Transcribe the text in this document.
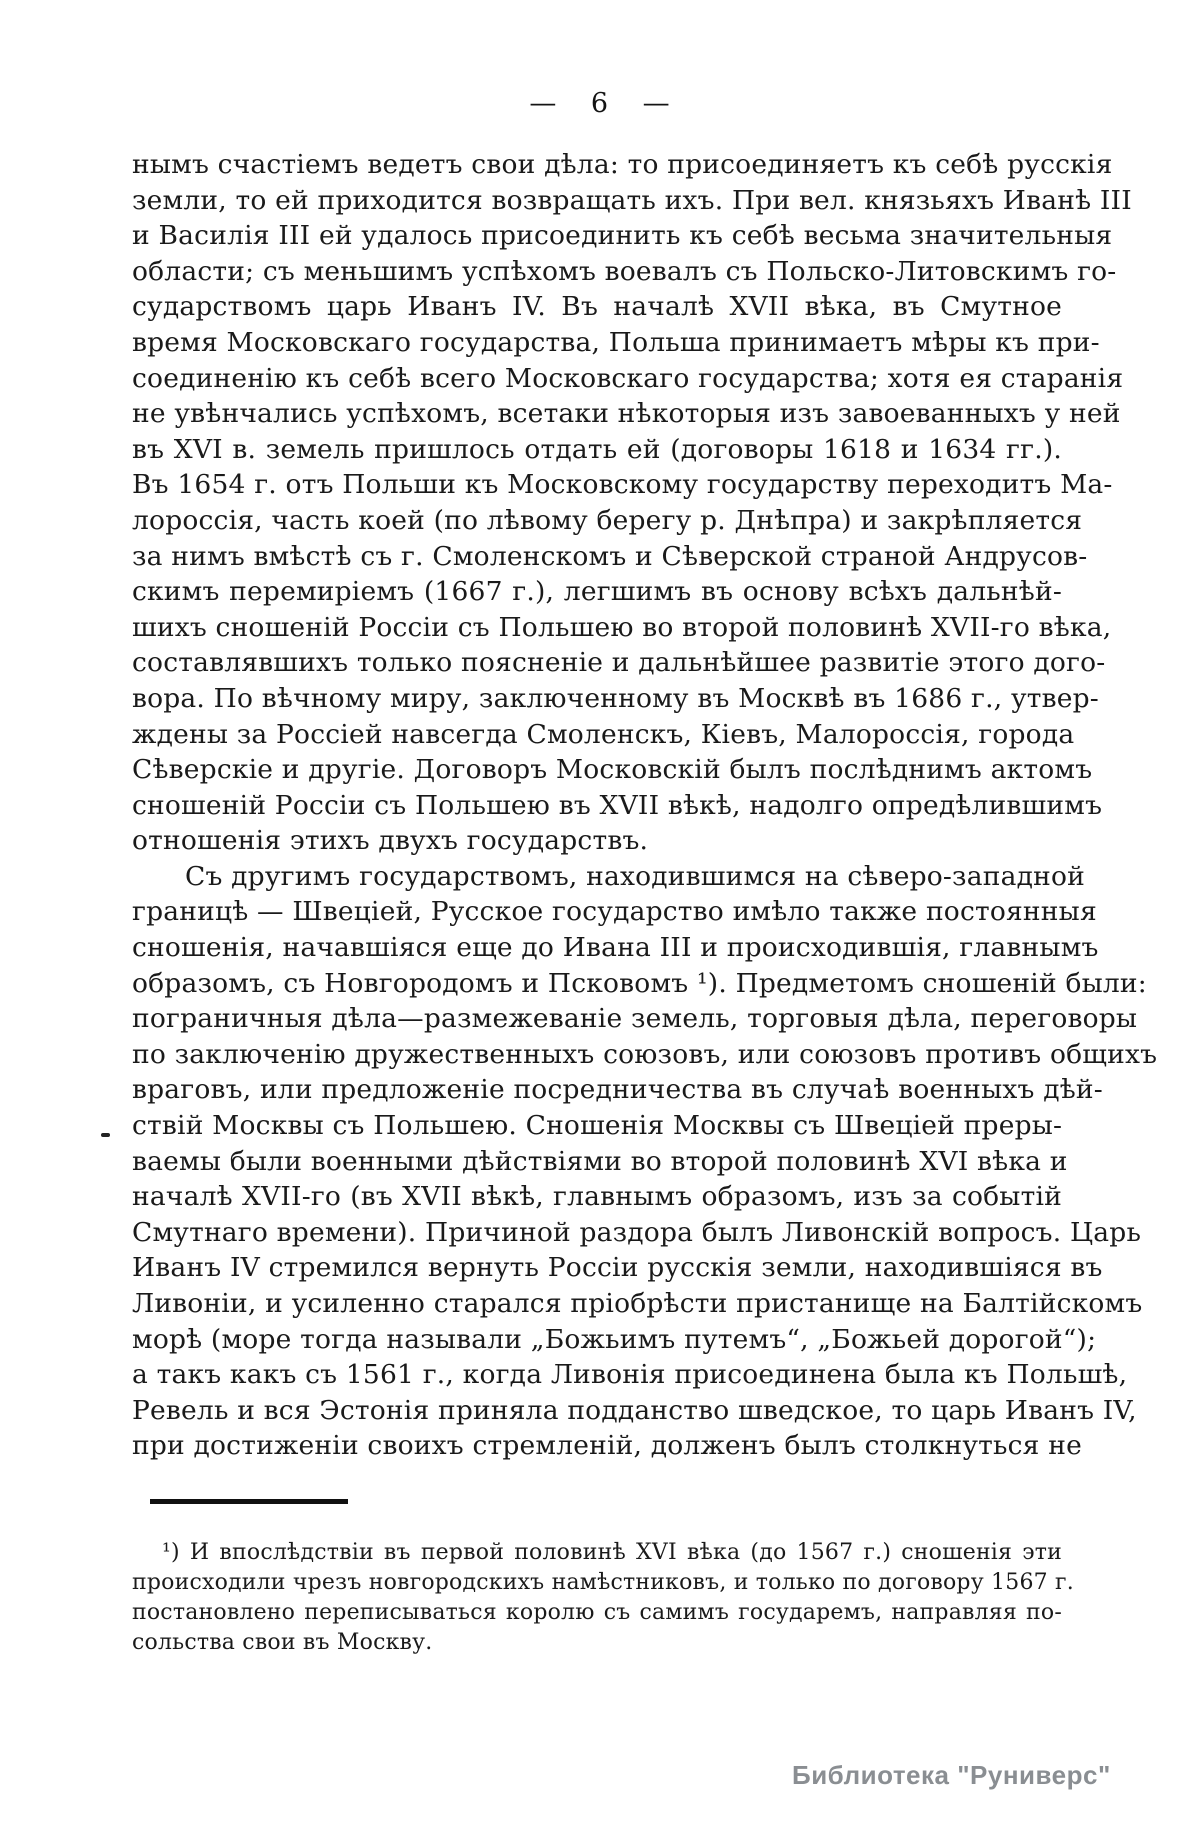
— 6 —
нымъ счастіемъ ведетъ свои дѣла: то присоединяетъ къ себѣ русскія
земли, то ей приходится возвращать ихъ. При вел. князьяхъ Иванѣ III
и Василія III ей удалось присоединить къ себѣ весьма значительныя
области; съ меньшимъ успѣхомъ воевалъ съ Польско-Литовскимъ го-
сударствомъ царь Иванъ IV. Въ началѣ XVII вѣка, въ Смутное
время Московскаго государства, Польша принимаетъ мѣры къ при-
соединенію къ себѣ всего Московскаго государства; хотя ея старанія
не увѣнчались успѣхомъ, всетаки нѣкоторыя изъ завоеванныхъ у ней
въ XVI в. земель пришлось отдать ей (договоры 1618 и 1634 гг.).
Въ 1654 г. отъ Польши къ Московскому государству переходитъ Ма-
лороссія, часть коей (по лѣвому берегу р. Днѣпра) и закрѣпляется
за нимъ вмѣстѣ съ г. Смоленскомъ и Сѣверской страной Андрусов-
скимъ перемиріемъ (1667 г.), легшимъ въ основу всѣхъ дальнѣй-
шихъ сношеній Россіи съ Польшею во второй половинѣ XVII-го вѣка,
составлявшихъ только поясненіе и дальнѣйшее развитіе этого дого-
вора. По вѣчному миру, заключенному въ Москвѣ въ 1686 г., утвер-
ждены за Россіей навсегда Смоленскъ, Кіевъ, Малороссія, города
Сѣверскіе и другіе. Договоръ Московскій былъ послѣднимъ актомъ
сношеній Россіи съ Польшею въ XVII вѣкѣ, надолго опредѣлившимъ
отношенія этихъ двухъ государствъ.
Съ другимъ государствомъ, находившимся на сѣверо-западной
границѣ — Швеціей, Русское государство имѣло также постоянныя
сношенія, начавшіяся еще до Ивана III и происходившія, главнымъ
образомъ, съ Новгородомъ и Псковомъ ¹). Предметомъ сношеній были:
пограничныя дѣла—размежеваніе земель, торговыя дѣла, переговоры
по заключенію дружественныхъ союзовъ, или союзовъ противъ общихъ
враговъ, или предложеніе посредничества въ случаѣ военныхъ дѣй-
ствій Москвы съ Польшею. Сношенія Москвы съ Швеціей преры-
ваемы были военными дѣйствіями во второй половинѣ XVI вѣка и
началѣ XVII-го (въ XVII вѣкѣ, главнымъ образомъ, изъ за событій
Смутнаго времени). Причиной раздора былъ Ливонскій вопросъ. Царь
Иванъ IV стремился вернуть Россіи русскія земли, находившіяся въ
Ливоніи, и усиленно старался пріобрѣсти пристанище на Балтійскомъ
морѣ (море тогда называли „Божьимъ путемъ“, „Божьей дорогой“);
а такъ какъ съ 1561 г., когда Ливонія присоединена была къ Польшѣ,
Ревель и вся Эстонія приняла подданство шведское, то царь Иванъ IV,
при достиженіи своихъ стремленій, долженъ былъ столкнуться не
¹) И впослѣдствіи въ первой половинѣ XVI вѣка (до 1567 г.) сношенія эти
происходили чрезъ новгородскихъ намѣстниковъ, и только по договору 1567 г.
постановлено переписываться королю съ самимъ государемъ, направляя по-
сольства свои въ Москву.
Библиотека "Руниверс"
